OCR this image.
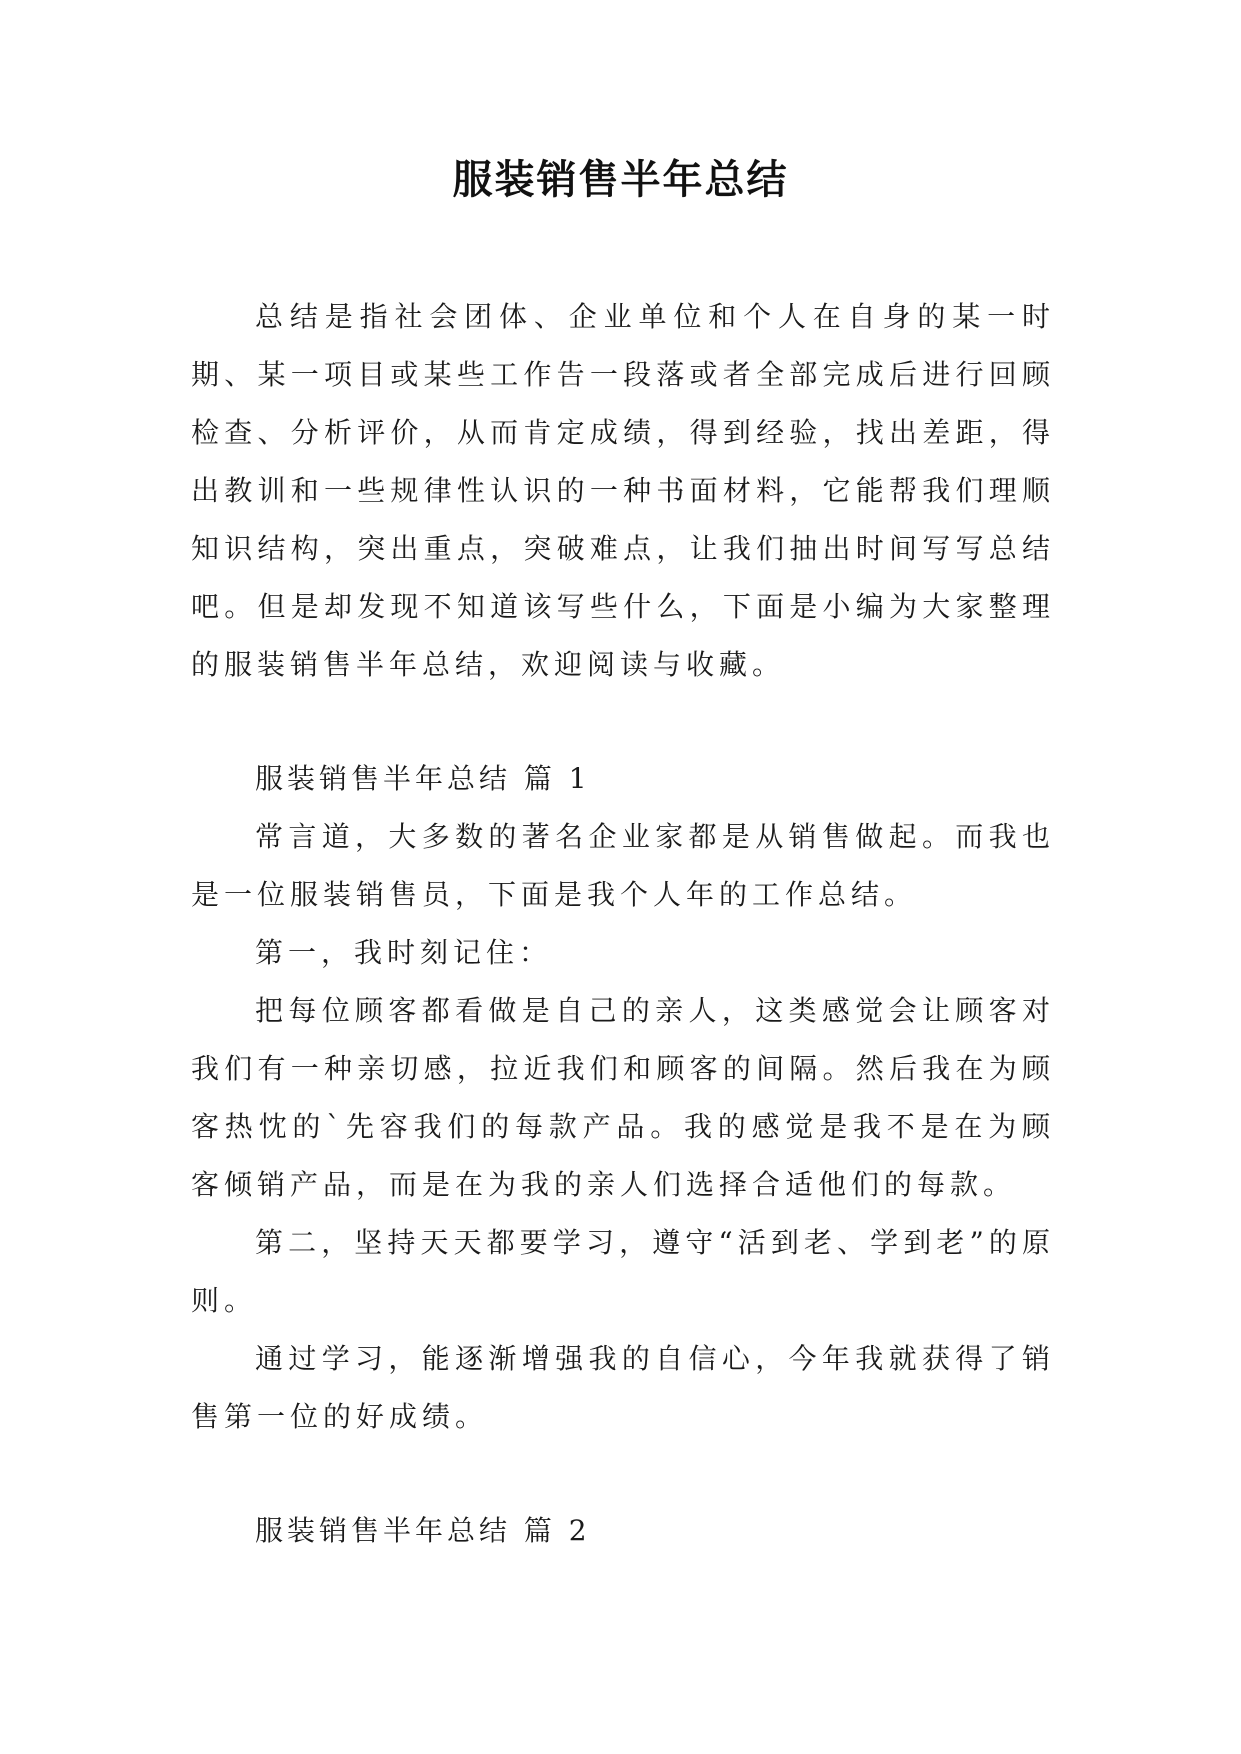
服装销售半年总结

总结是指社会团体、企业单位和个人在自身的某一时期、某一项目或某些工作告一段落或者全部完成后进行回顾检查、分析评价，从而肯定成绩，得到经验，找出差距，得出教训和一些规律性认识的一种书面材料，它能帮我们理顺知识结构，突出重点，突破难点，让我们抽出时间写写总结吧。但是却发现不知道该写些什么，下面是小编为大家整理的服装销售半年总结，欢迎阅读与收藏。

服装销售半年总结 篇 1

常言道，大多数的著名企业家都是从销售做起。而我也是一位服装销售员，下面是我个人年的工作总结。

第一，我时刻记住：

把每位顾客都看做是自己的亲人，这类感觉会让顾客对我们有一种亲切感，拉近我们和顾客的间隔。然后我在为顾客热忱的`先容我们的每款产品。我的感觉是我不是在为顾客倾销产品，而是在为我的亲人们选择合适他们的每款。

第二，坚持天天都要学习，遵守“活到老、学到老”的原则。

通过学习，能逐渐增强我的自信心，今年我就获得了销售第一位的好成绩。

服装销售半年总结 篇 2
